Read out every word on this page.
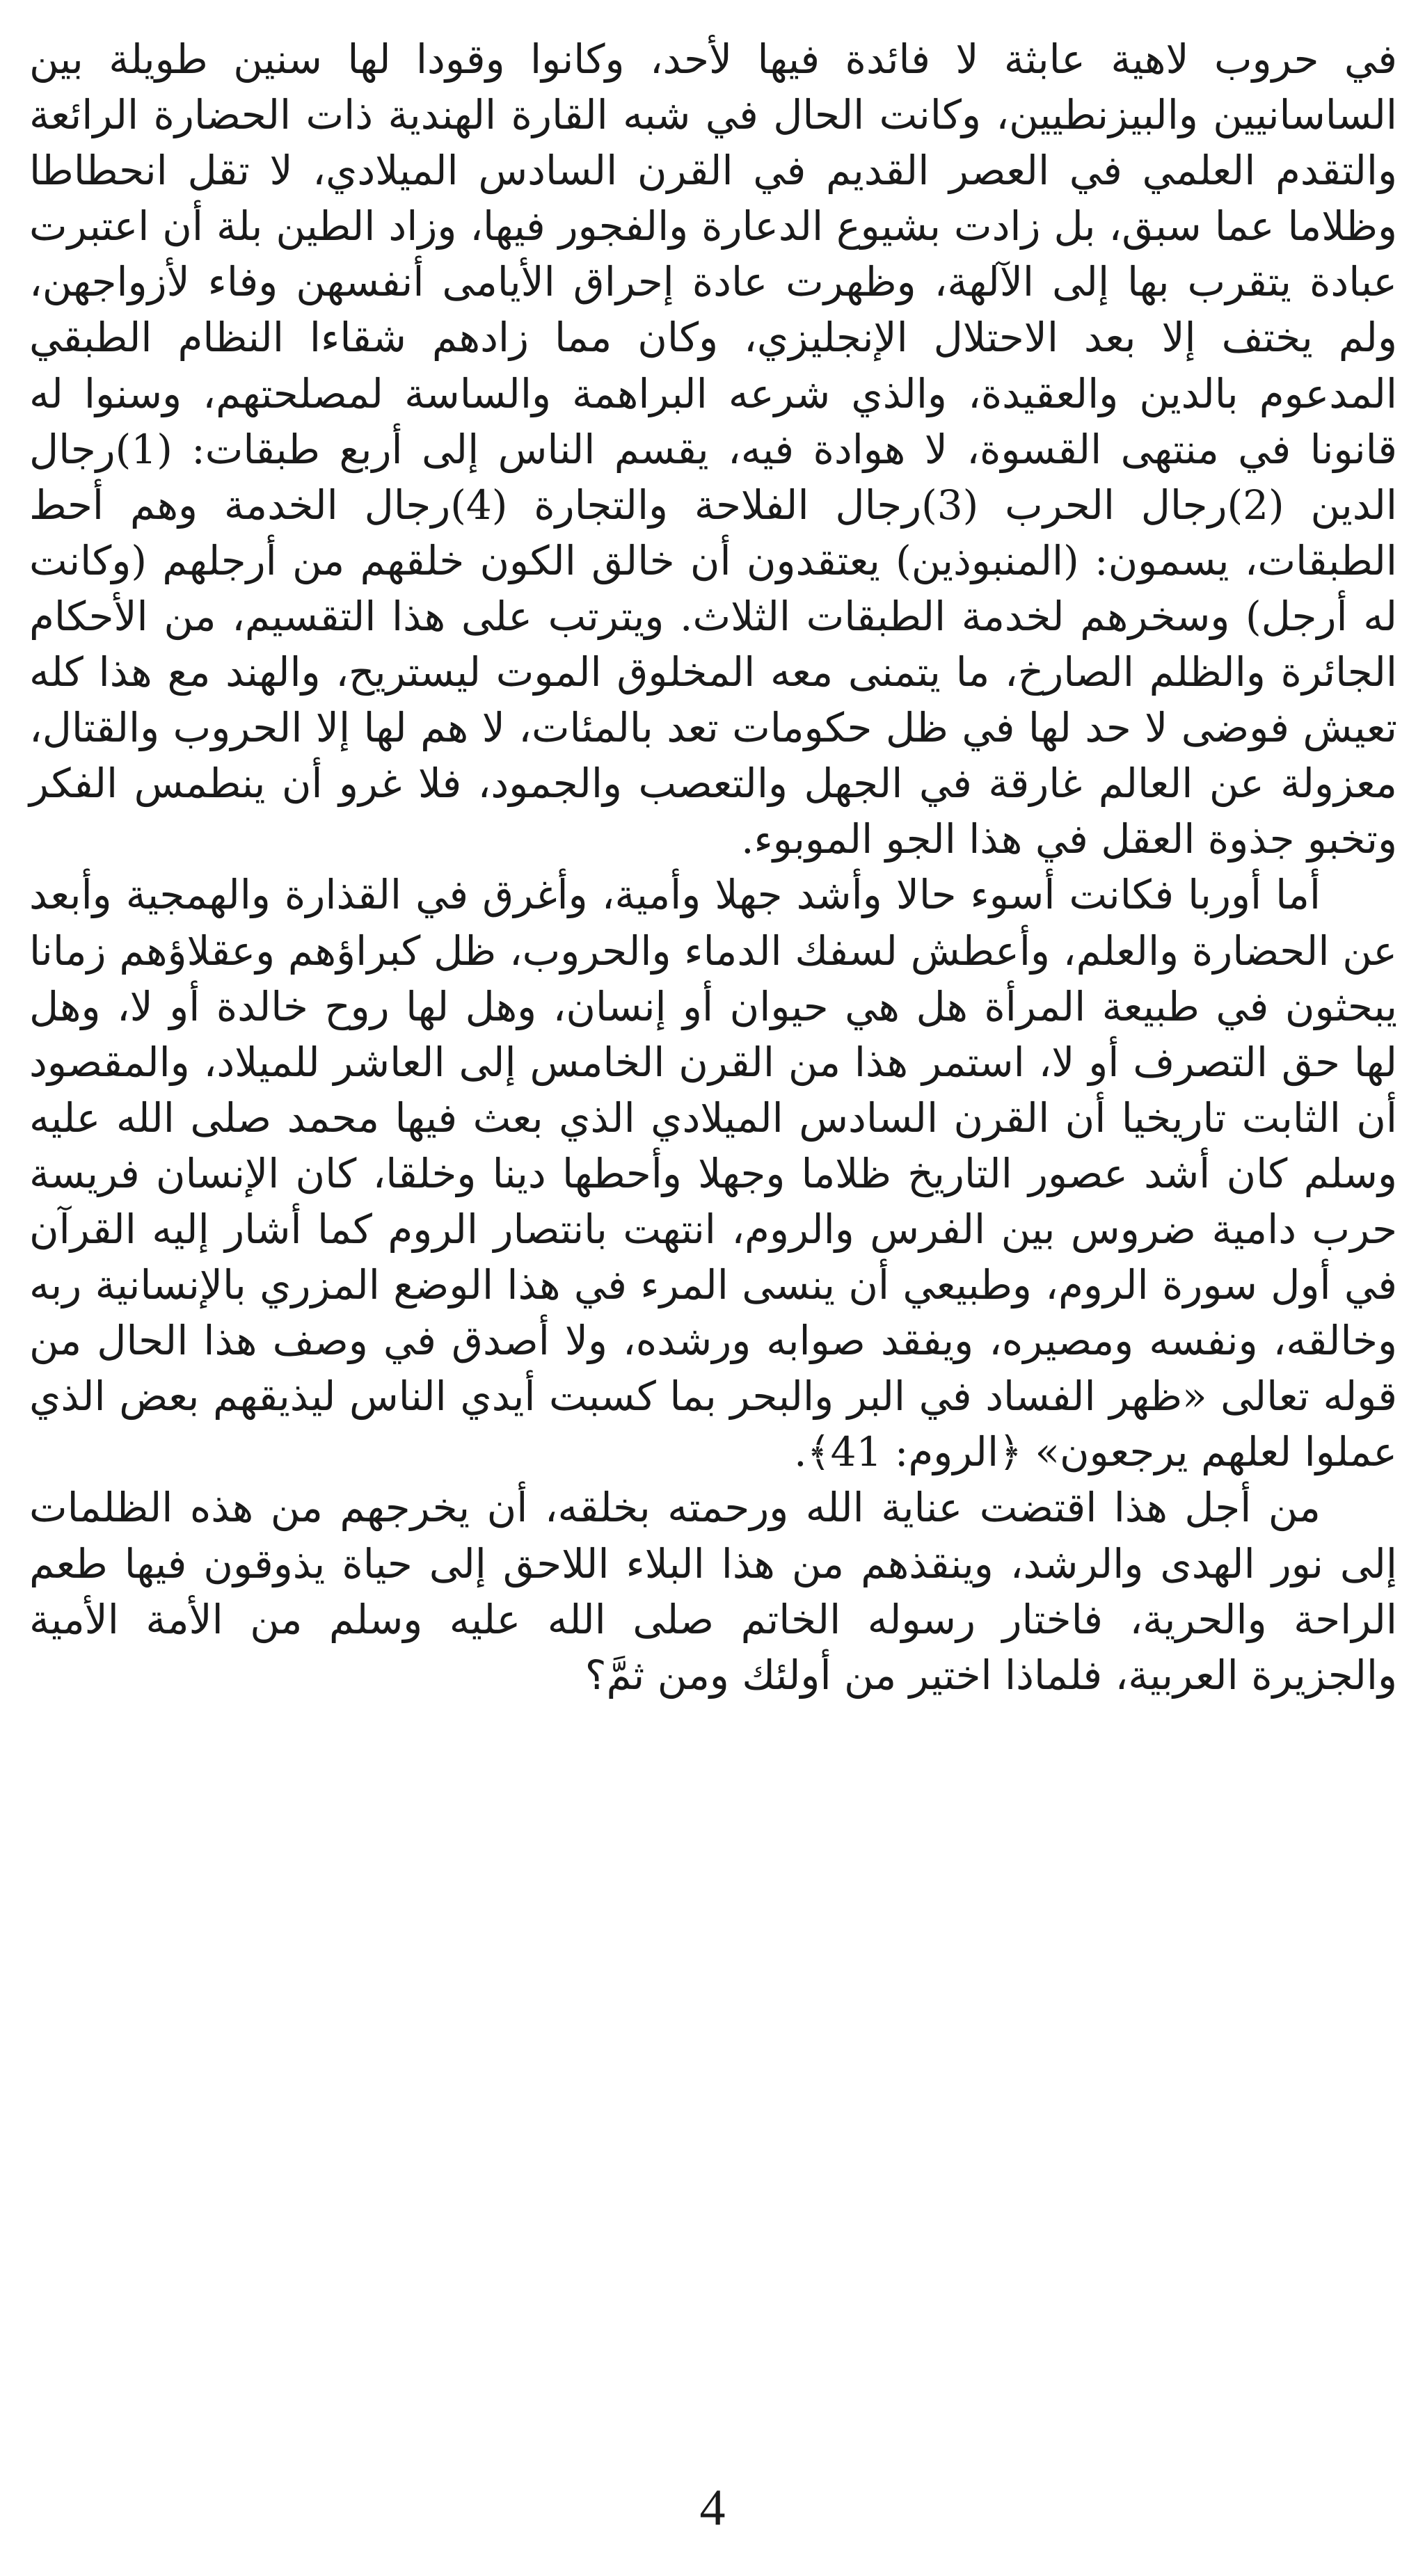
في حروب لاهية عابثة لا فائدة فيها لأحد، وكانوا وقودا لها سنين طويلة بين الساسانيين والبيزنطيين، وكانت الحال في شبه القارة الهندية ذات الحضارة الرائعة والتقدم العلمي في العصر القديم في القرن السادس الميلادي، لا تقل انحطاطا وظلاما عما سبق، بل زادت بشيوع الدعارة والفجور فيها، وزاد الطين بلة أن اعتبرت عبادة يتقرب بها إلى الآلهة، وظهرت عادة إحراق الأيامى أنفسهن وفاء لأزواجهن، ولم يختف إلا بعد الاحتلال الإنجليزي، وكان مما زادهم شقاءا النظام الطبقي المدعوم بالدين والعقيدة، والذي شرعه البراهمة والساسة لمصلحتهم، وسنوا له قانونا في منتهى القسوة، لا هوادة فيه، يقسم الناس إلى أربع طبقات: (1)رجال الدين (2)رجال الحرب (3)رجال الفلاحة والتجارة (4)رجال الخدمة وهم أحط الطبقات، يسمون: (المنبوذين) يعتقدون أن خالق الكون خلقهم من أرجلهم (وكانت له أرجل) وسخرهم لخدمة الطبقات الثلاث. ويترتب على هذا التقسيم، من الأحكام الجائرة والظلم الصارخ، ما يتمنى معه المخلوق الموت ليستريح، والهند مع هذا كله تعيش فوضى لا حد لها في ظل حكومات تعد بالمئات، لا هم لها إلا الحروب والقتال، معزولة عن العالم غارقة في الجهل والتعصب والجمود، فلا غرو أن ينطمس الفكر وتخبو جذوة العقل في هذا الجو الموبوء.

أما أوربا فكانت أسوء حالا وأشد جهلا وأمية، وأغرق في القذارة والهمجية وأبعد عن الحضارة والعلم، وأعطش لسفك الدماء والحروب، ظل كبراؤهم وعقلاؤهم زمانا يبحثون في طبيعة المرأة هل هي حيوان أو إنسان، وهل لها روح خالدة أو لا، وهل لها حق التصرف أو لا، استمر هذا من القرن الخامس إلى العاشر للميلاد، والمقصود أن الثابت تاريخيا أن القرن السادس الميلادي الذي بعث فيها محمد صلى الله عليه وسلم كان أشد عصور التاريخ ظلاما وجهلا وأحطها دينا وخلقا، كان الإنسان فريسة حرب دامية ضروس بين الفرس والروم، انتهت بانتصار الروم كما أشار إليه القرآن في أول سورة الروم، وطبيعي أن ينسى المرء في هذا الوضع المزري بالإنسانية ربه وخالقه، ونفسه ومصيره، ويفقد صوابه ورشده، ولا أصدق في وصف هذا الحال من قوله تعالى «ظهر الفساد في البر والبحر بما كسبت أيدي الناس ليذيقهم بعض الذي عملوا لعلهم يرجعون» ﴿الروم: 41﴾.

من أجل هذا اقتضت عناية الله ورحمته بخلقه، أن يخرجهم من هذه الظلمات إلى نور الهدى والرشد، وينقذهم من هذا البلاء اللاحق إلى حياة يذوقون فيها طعم الراحة والحرية، فاختار رسوله الخاتم صلى الله عليه وسلم من الأمة الأمية والجزيرة العربية، فلماذا اختير من أولئك ومن ثمَّ؟

4
